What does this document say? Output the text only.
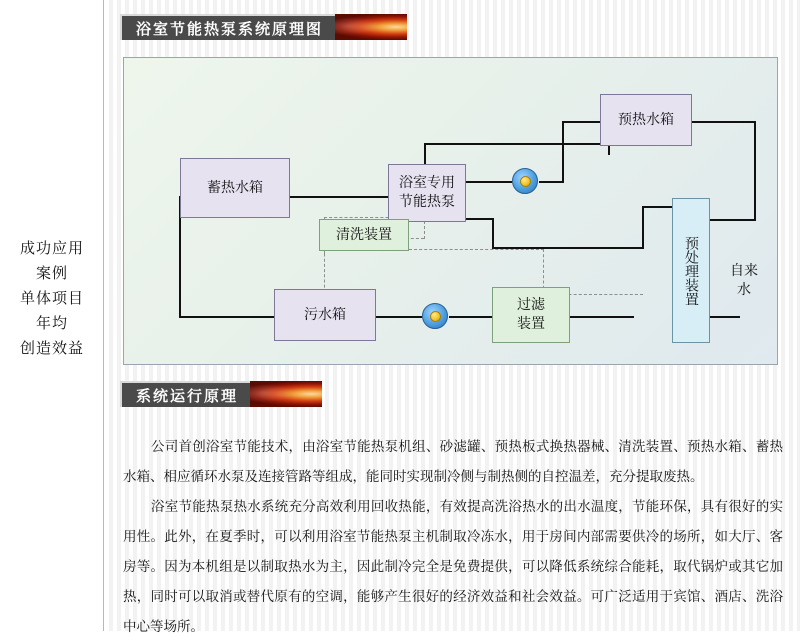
成功应用
案例
单体项目
年均
创造效益
浴室节能热泵系统原理图
蓄热水箱	浴室专用
节能热泵
预热水箱
清洗装置
污水箱
过滤
装置
预处理装置	自来
水
系统运行原理

公司首创浴室节能技术，由浴室节能热泵机组、砂滤罐、预热板式换热器械、清洗装置、预热水箱、蓄热水箱、相应循环水泵及连接管路等组成，能同时实现制冷侧与制热侧的自控温差，充分提取废热。

浴室节能热泵热水系统充分高效利用回收热能，有效提高洗浴热水的出水温度，节能环保，具有很好的实用性。此外，在夏季时，可以利用浴室节能热泵主机制取冷冻水，用于房间内部需要供冷的场所，如大厅、客房等。因为本机组是以制取热水为主，因此制冷完全是免费提供，可以降低系统综合能耗，取代锅炉或其它加热，同时可以取消或替代原有的空调，能够产生很好的经济效益和社会效益。可广泛适用于宾馆、酒店、洗浴中心等场所。
